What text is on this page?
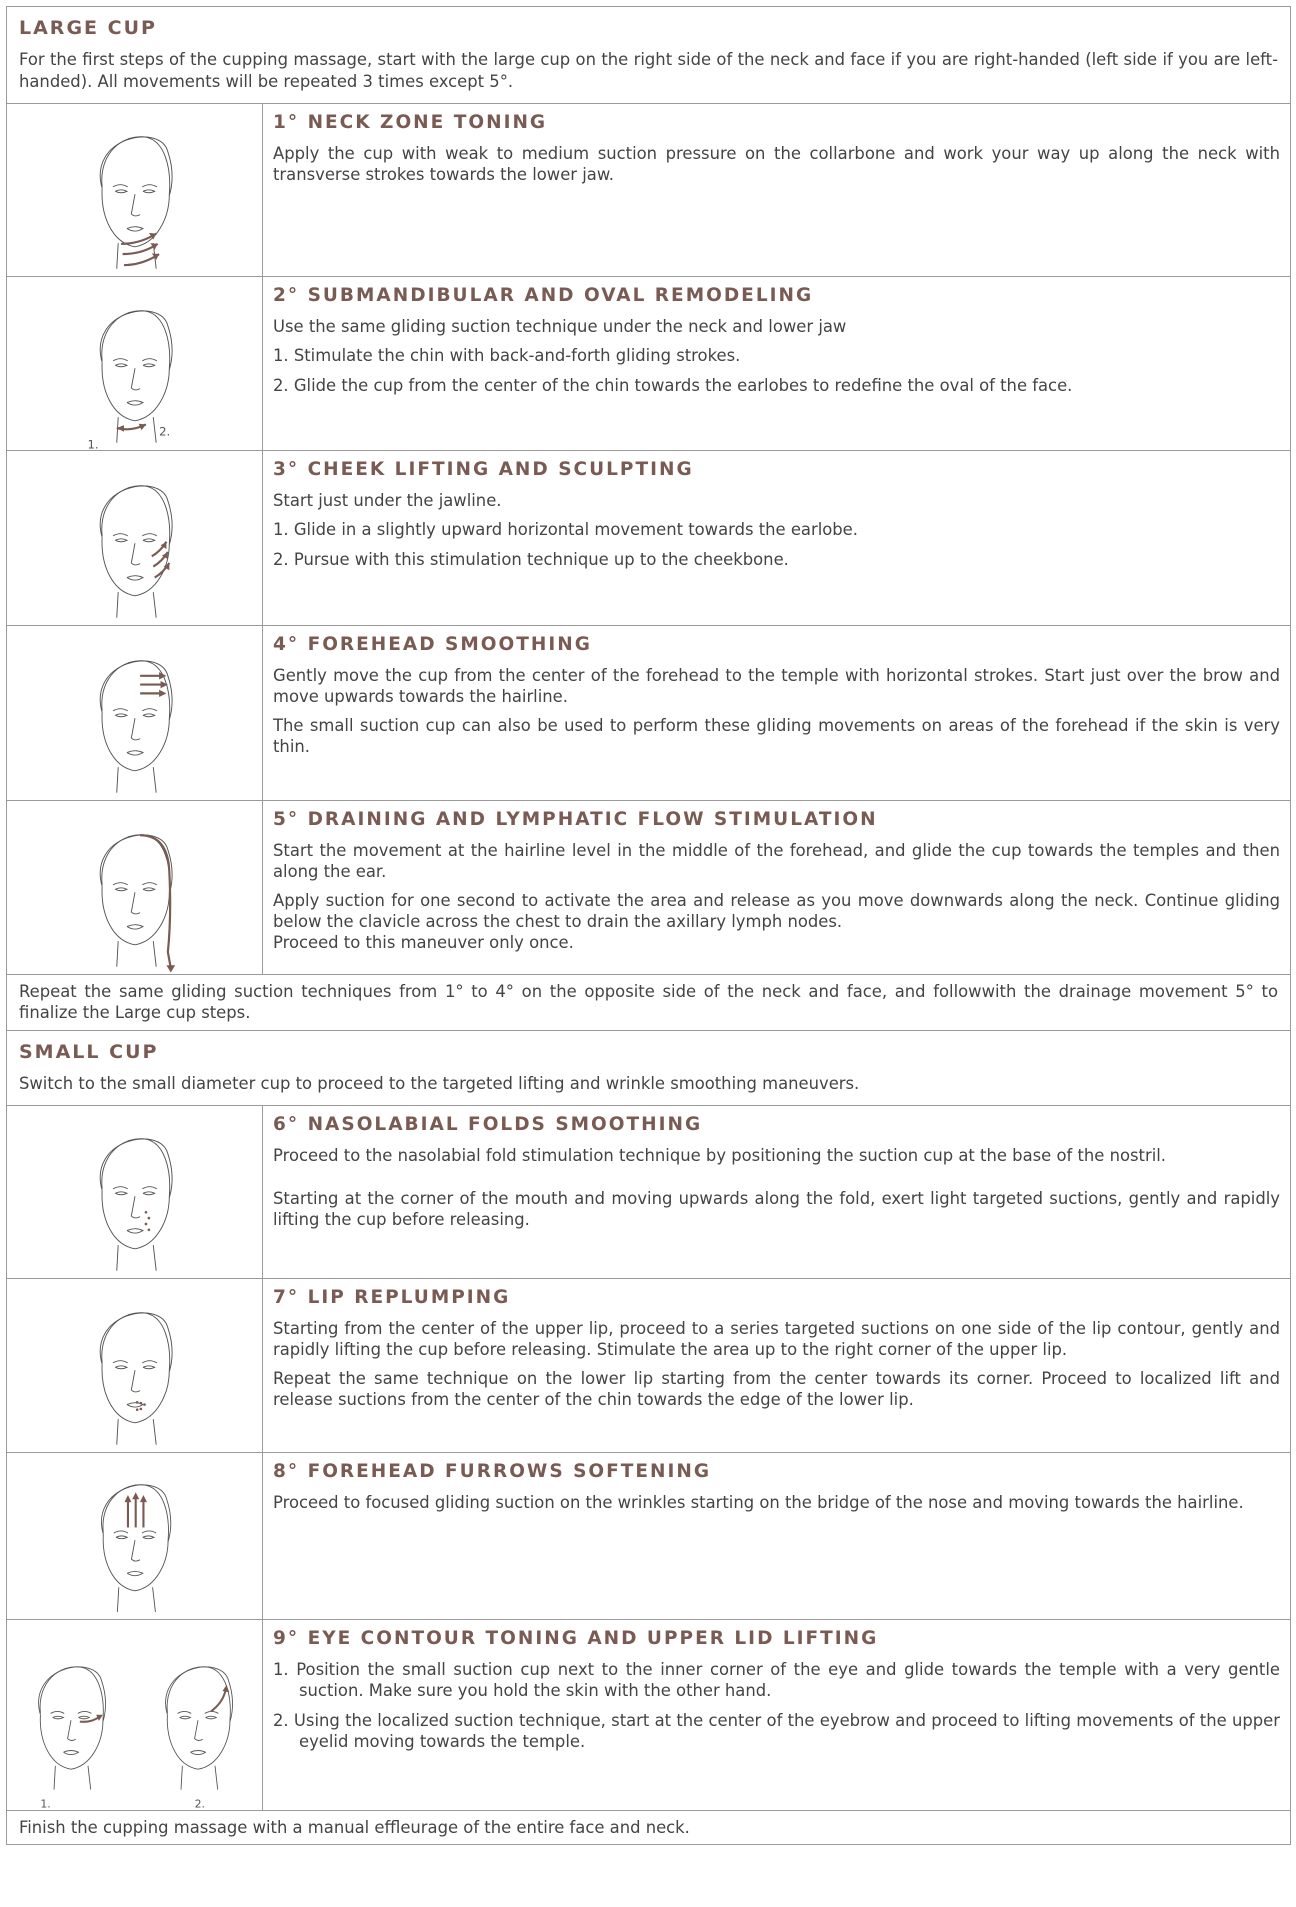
LARGE CUP

For the first steps of the cupping massage, start with the large cup on the right side of the neck and face if you are right-handed (left side if you are left-handed). All movements will be repeated 3 times except 5°.

1° NECK ZONE TONING

Apply the cup with weak to medium suction pressure on the collarbone and work your way up along the neck with transverse strokes towards the lower jaw.

1.
2.
2° SUBMANDIBULAR AND OVAL REMODELING

Use the same gliding suction technique under the neck and lower jaw

1. Stimulate the chin with back-and-forth gliding strokes.
2. Glide the cup from the center of the chin towards the earlobes to redefine the oval of the face.
3° CHEEK LIFTING AND SCULPTING

Start just under the jawline.

1. Glide in a slightly upward horizontal movement towards the earlobe.
2. Pursue with this stimulation technique up to the cheekbone.
4° FOREHEAD SMOOTHING

Gently move the cup from the center of the forehead to the temple with horizontal strokes. Start just over the brow and move upwards towards the hairline.

The small suction cup can also be used to perform these gliding movements on areas of the forehead if the skin is very thin.

5° DRAINING AND LYMPHATIC FLOW STIMULATION

Start the movement at the hairline level in the middle of the forehead, and glide the cup towards the temples and then along the ear.

Apply suction for one second to activate the area and release as you move downwards along the neck. Continue gliding below the clavicle across the chest to drain the axillary lymph nodes.

Proceed to this maneuver only once.

Repeat the same gliding suction techniques from 1° to 4° on the opposite side of the neck and face, and followwith the drainage movement 5° to finalize the Large cup steps.
SMALL CUP

Switch to the small diameter cup to proceed to the targeted lifting and wrinkle smoothing maneuvers.

6° NASOLABIAL FOLDS SMOOTHING

Proceed to the nasolabial fold stimulation technique by positioning the suction cup at the base of the nostril.

Starting at the corner of the mouth and moving upwards along the fold, exert light targeted suctions, gently and rapidly lifting the cup before releasing.

7° LIP REPLUMPING

Starting from the center of the upper lip, proceed to a series targeted suctions on one side of the lip contour, gently and rapidly lifting the cup before releasing. Stimulate the area up to the right corner of the upper lip.

Repeat the same technique on the lower lip starting from the center towards its corner. Proceed to localized lift and release suctions from the center of the chin towards the edge of the lower lip.

8° FOREHEAD FURROWS SOFTENING

Proceed to focused gliding suction on the wrinkles starting on the bridge of the nose and moving towards the hairline.

1.	2.
9° EYE CONTOUR TONING AND UPPER LID LIFTING
1. Position the small suction cup next to the inner corner of the eye and glide towards the temple with a very gentle suction. Make sure you hold the skin with the other hand.
2. Using the localized suction technique, start at the center of the eyebrow and proceed to lifting movements of the upper eyelid moving towards the temple.
Finish the cupping massage with a manual effleurage of the entire face and neck.
